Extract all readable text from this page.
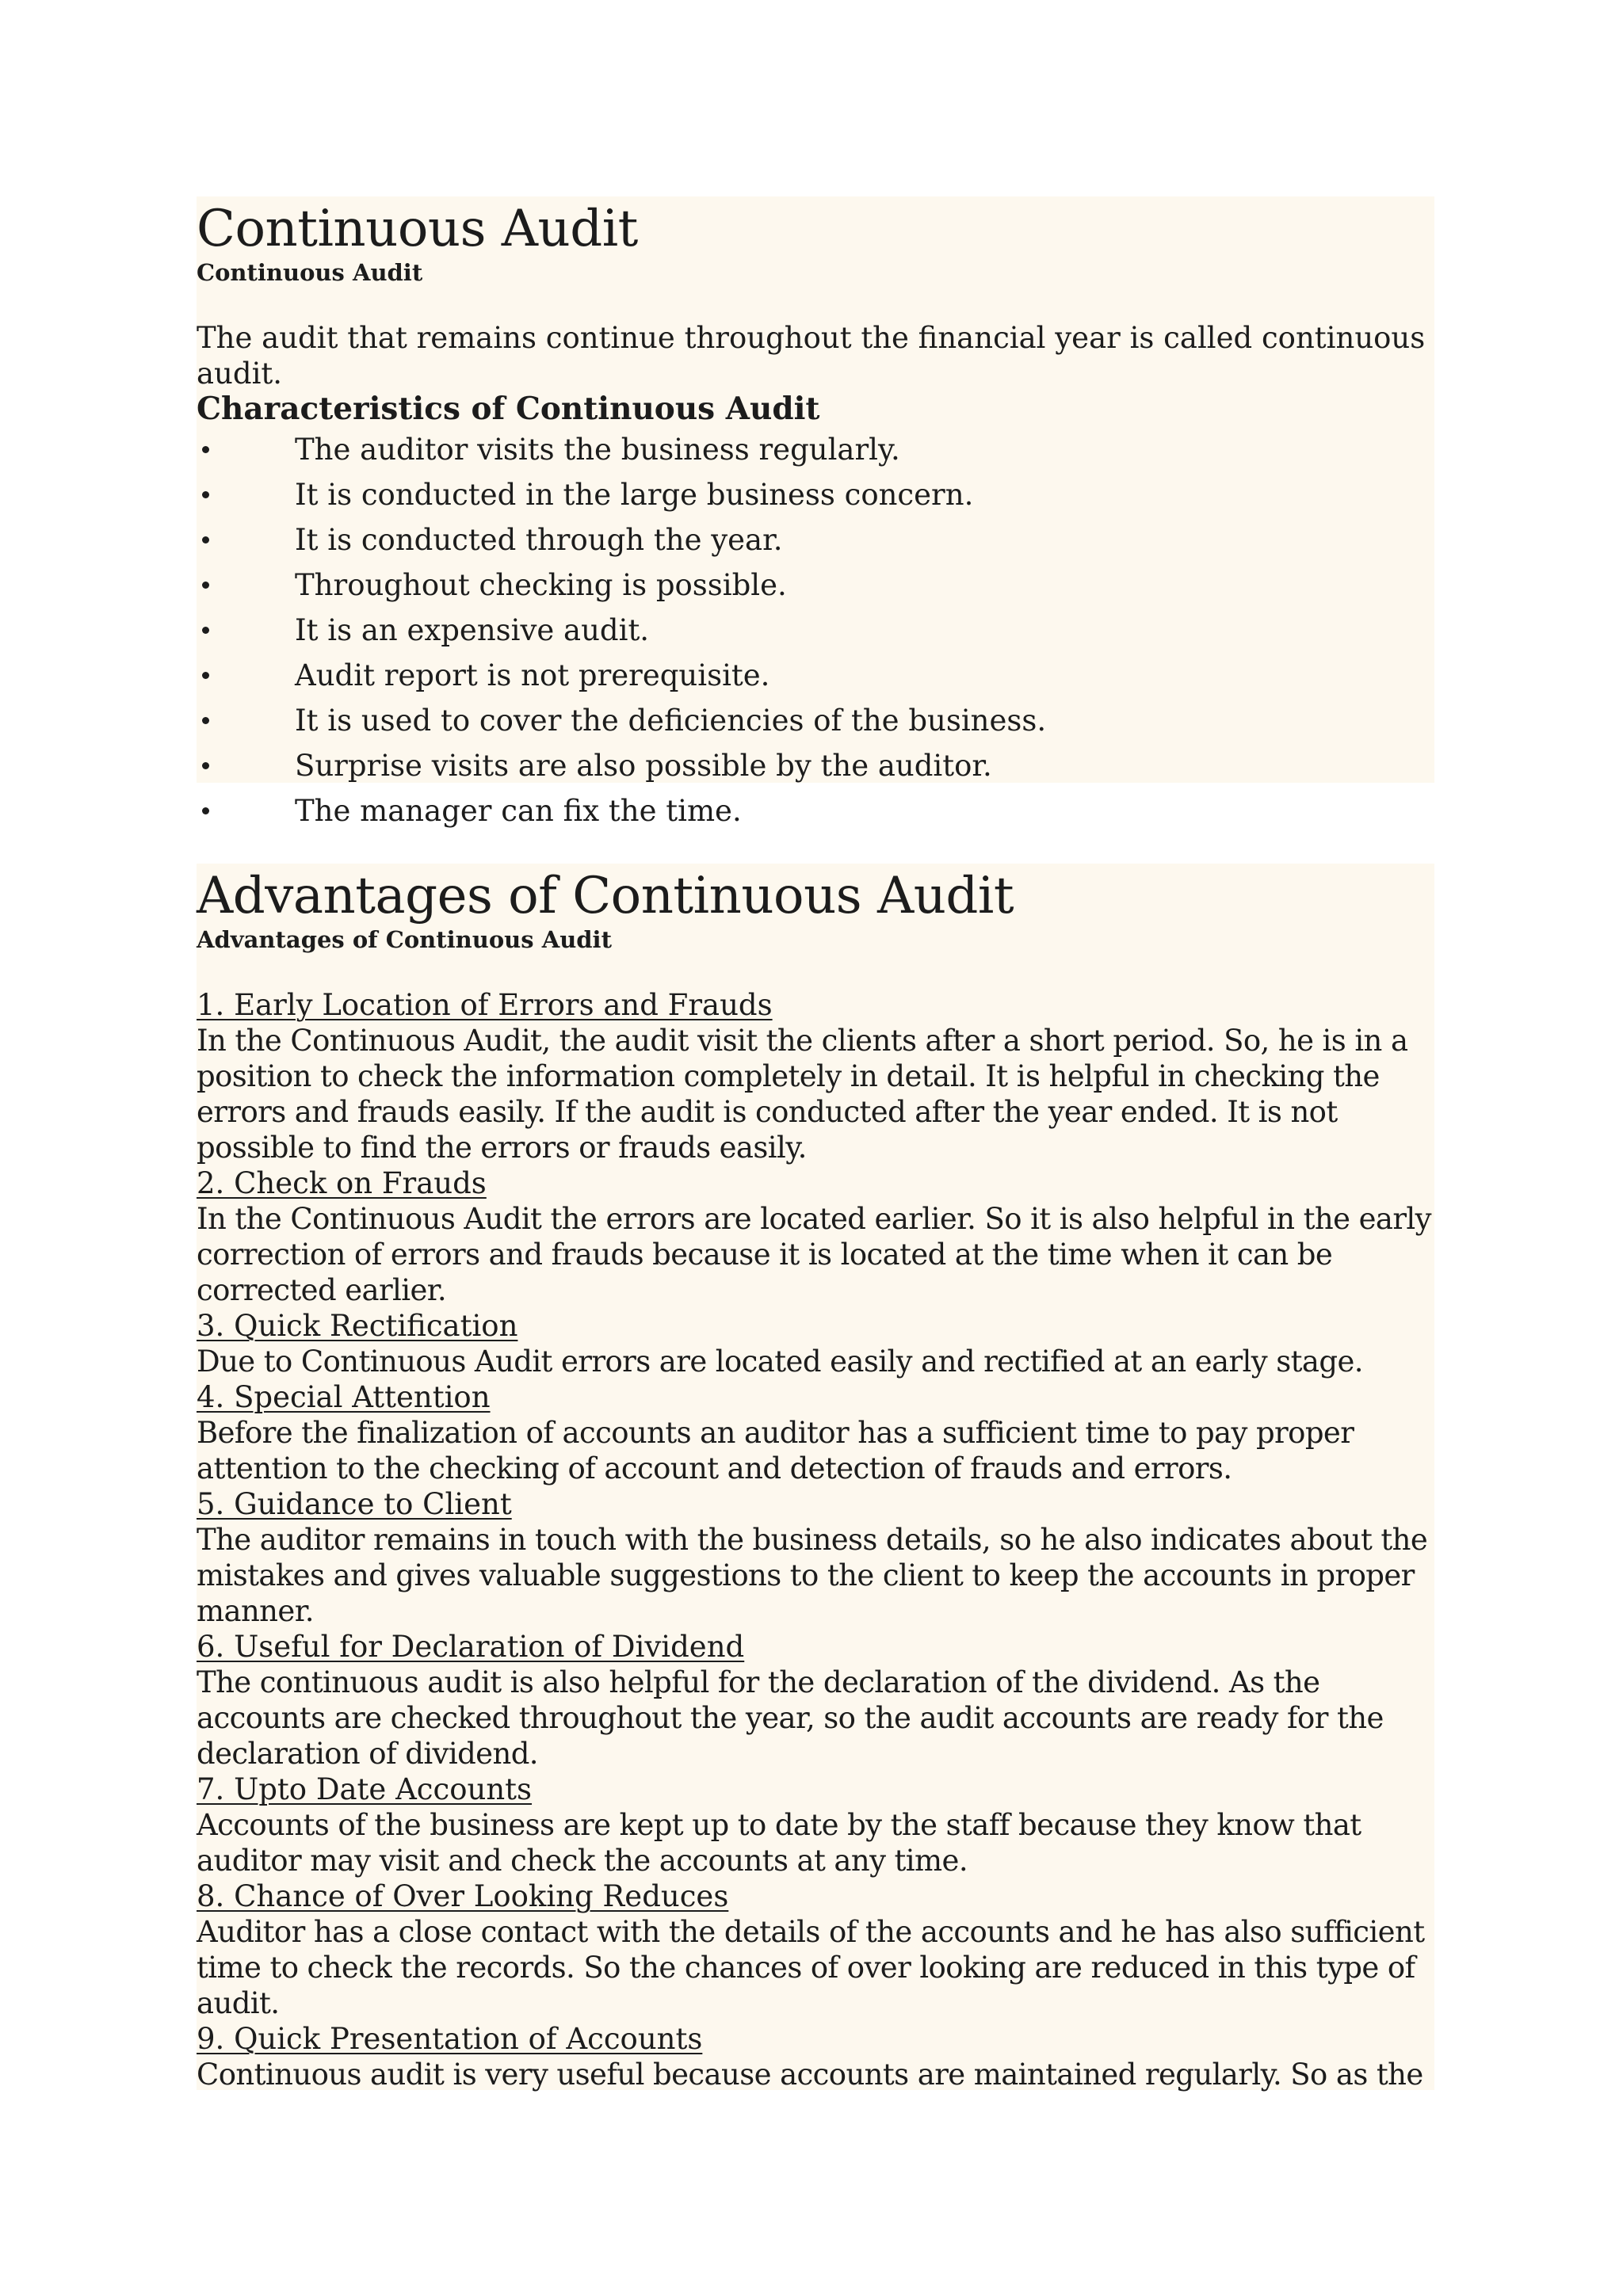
Continuous Audit
Continuous Audit

The audit that remains continue throughout the financial year is called continuous audit.

Characteristics of Continuous Audit
The auditor visits the business regularly.
It is conducted in the large business concern.
It is conducted through the year.
Throughout checking is possible.
It is an expensive audit.
Audit report is not prerequisite.
It is used to cover the deficiencies of the business.
Surprise visits are also possible by the auditor.
The manager can fix the time.
Advantages of Continuous Audit
Advantages of Continuous Audit
1. Early Location of Errors and Frauds

In the Continuous Audit, the audit visit the clients after a short period. So, he is in a position to check the information completely in detail. It is helpful in checking the errors and frauds easily. If the audit is conducted after the year ended. It is not possible to find the errors or frauds easily.

2. Check on Frauds

In the Continuous Audit the errors are located earlier. So it is also helpful in the early correction of errors and frauds because it is located at the time when it can be corrected earlier.

3. Quick Rectification

Due to Continuous Audit errors are located easily and rectified at an early stage.

4. Special Attention

Before the finalization of accounts an auditor has a sufficient time to pay proper attention to the checking of account and detection of frauds and errors.

5. Guidance to Client

The auditor remains in touch with the business details, so he also indicates about the mistakes and gives valuable suggestions to the client to keep the accounts in proper manner.

6. Useful for Declaration of Dividend

The continuous audit is also helpful for the declaration of the dividend. As the accounts are checked throughout the year, so the audit accounts are ready for the declaration of dividend.

7. Upto Date Accounts

Accounts of the business are kept up to date by the staff because they know that auditor may visit and check the accounts at any time.

8. Chance of Over Looking Reduces

Auditor has a close contact with the details of the accounts and he has also sufficient time to check the records. So the chances of over looking are reduced in this type of audit.

9. Quick Presentation of Accounts

Continuous audit is very useful because accounts are maintained regularly. So as the
